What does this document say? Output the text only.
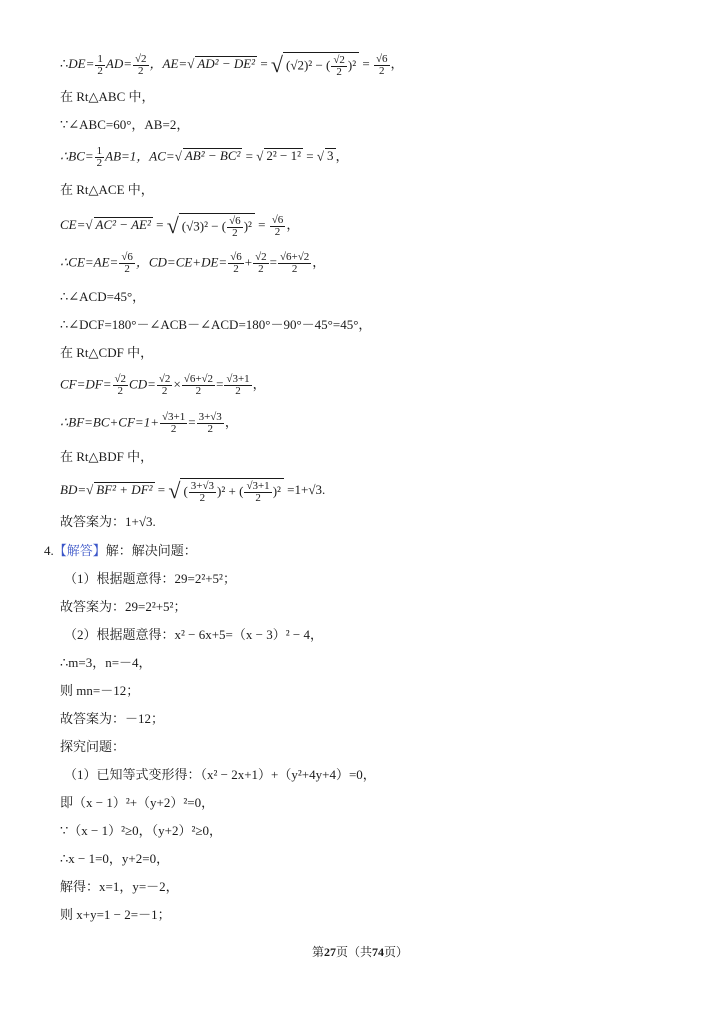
∴DE= $\frac{1}{2} AD= \frac{√2}{2}$ ，AE=√ AD² − DE² = √ (√2)² − ( $\frac{√2}{2} )^2 = \frac{√6}{2}$ ，
在 Rt△ABC 中，
∵∠ABC=60°，AB=2，
∴BC= $\frac{1}{2} AB=1$，AC=√ AB² − BC² = √ 2² − 1² = √ 3 ，
在 Rt△ACE 中，
CE=√ AC² − AE² = √ (√3)² − ( $\frac{√6}{2} )^2 = \frac{√6}{2}$ ，
∴CE=AE= $\frac{√6}{2}$ ，$CD=CE+DE= \frac{√6}{2} + \frac{√2}{2} = \frac{√6+√2}{2}$ ，
∴∠ACD=45°，
∴∠DCF=180°－∠ACB－∠ACD=180°－90°－45°=45°，
在 Rt△CDF 中，
$CF=DF= \frac{√2}{2} CD= \frac{√2}{2} \times \frac{√6+√2}{2} = \frac{√3+1}{2}$ ，
∴BF=BC+CF=1+ $\frac{√3+1}{2} = \frac{3+√3}{2}$ ，
在 Rt△BDF 中，
BD=√ BF² + DF² = √ ( $\frac{3+√3}{2} )^2$ + ( $\frac{√3+1}{2} )^2 =1+√3$.
故答案为：1+√3.
4.【解答】解：解决问题：
（1）根据题意得：29=2²+5²；
故答案为：29=2²+5²；
（2）根据题意得：x² − 6x+5=（x − 3）² − 4，
∴m=3，n=－4，
则 mn=－12；
故答案为：－12；
探究问题：
（1）已知等式变形得：（x² − 2x+1）+（y²+4y+4）=0，
即（x − 1）²+（y+2）²=0，
∵（x − 1）²≥0，（y+2）²≥0，
∴x − 1=0，y+2=0，
解得：x=1，y=－2，
则 x+y=1 − 2=－1；
第27页（共74页）
